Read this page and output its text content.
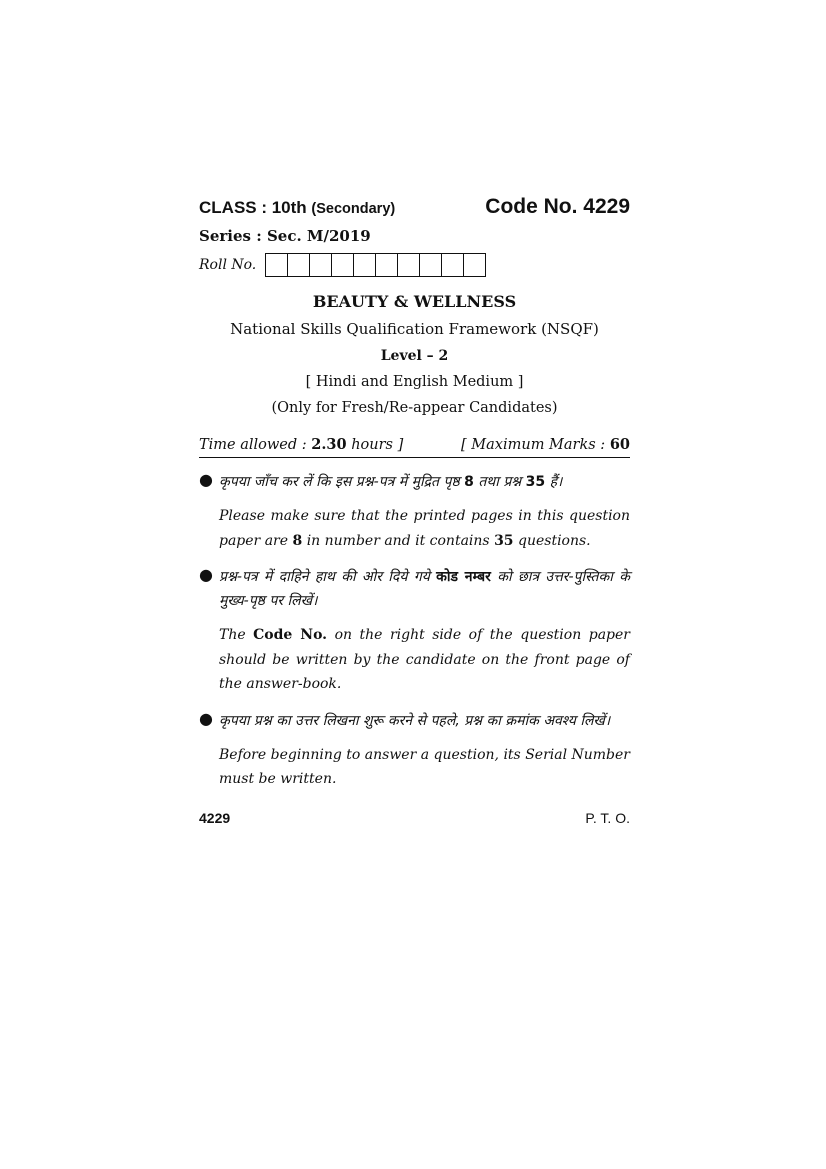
CLASS : 10th (Secondary)	Code No. 4229
Series : Sec. M/2019
Roll No.
BEAUTY & WELLNESS
National Skills Qualification Framework (NSQF)
Level – 2
[ Hindi and English Medium ]
(Only for Fresh/Re-appear Candidates)
Time allowed : 2.30 hours ]	[ Maximum Marks : 60
● कृपया जाँच कर लें कि इस प्रश्न-पत्र में मुद्रित पृष्ठ 8 तथा प्रश्न 35 हैं।
Please make sure that the printed pages in this question paper are 8 in number and it contains 35 questions.
● प्रश्न-पत्र में दाहिने हाथ की ओर दिये गये कोड नम्बर को छात्र उत्तर-पुस्तिका के मुख्य-पृष्ठ पर लिखें।
The Code No. on the right side of the question paper should be written by the candidate on the front page of the answer-book.
● कृपया प्रश्न का उत्तर लिखना शुरू करने से पहले, प्रश्न का क्रमांक अवश्य लिखें।
Before beginning to answer a question, its Serial Number must be written.
4229	P. T. O.
